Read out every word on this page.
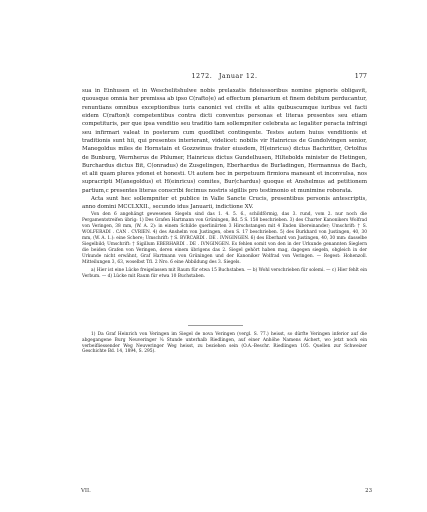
1272. Januar 12.	177

sua in Einhusen et in Weschelitshulwe nobis prelaxatis fideiussoribus nomine pignoris obligavit, quousque omnia her premissa ab ipso C(rafto)e) ad effectum plenarium et finem debitum perducantur, renuntians omnibus exceptionibus iuris canonici vel civilis et aliis quibuscumque iuribus vel facti eidem C(rafton)i competentibus contra dicti conventus personas et literas presentes seu etiam competituris, per que ipsa venditio seu traditio tam sollempniter celebrata ac legaliter peracta infringi seu infirmari valeat in posterum cum quodlibet contingente. Testes autem huius venditionis et traditionis sunt hii, qui presentes interierant, videlicet: nobilis vir Hainricus de Gundolvingen senior, Manegoldus miles de Hornstain et Gozzwinus frater eiusdem, H(einricus) dictus Bachritter, Ortolfus de Bunburg, Wernherus de Phlumer, Hainricus dictus Gundelhusen, Hiltebolds minister de Hetingen, Burchardus dictus Bit, C(onradus) de Zusgelingen, Eberhardus de Burladingen, Hermannus de Bach, et alii quam plures ydonei et honesti. Ut autem hec in perpetuum firmiora maneant et inconvulsa, nos supracripti M(anegoldus) et H(einricus) comites, Bur(chardus) quoque et Anshelmus ad petitionem partium,c presentes literas conscribi fecimus nostris sigillis pro testimonio et munimine roborata.

Acta sunt hec sollempniter et publice in Valle Sancte Crucis, presentibus personis antescriptis, anno domini MCCLXXII., secundo idus Januarii, indictione XV.

Von den 6 angehängt gewesenen Siegeln sind das 1. 4. 5. 6., schildförmig, das 3. rund, vom 2. nur noch die Pergamentstreifen übrig: 1) Des Grafen Hartmann von Grüningen, Bd. 5 S. 158 beschrieben. 3) des Charter Kanonikers Wolfrad von Veringen, 38 mm, (W. A. 2): in einem Schilde querliniirten 3 Hirschstangen mit 4 Enden übereinander; Umschrift: † S. WOLFERADI . CAN . CVRIEN. 4) des Anshelm von Justingen, oben S. 17 beschrieben. 5) des Burkhard von Justingen, 40, 30 mm, (W. A. 1.): eine Schere; Umschrift: † S. BVRCARDI . DE . IVNGINGEN. 6) des Eberhard von Justingen, 40, 30 mm: dasselbe Siegelbild; Umschrift: † Sigillum EBERHARDI . DE . IVNGINGEN. Es fehlen somit von den in der Urkunde genannten Sieglern die beiden Grafen von Veringen, deren einem übrigens das 2. Siegel gehört haben mag, dagegen siegeln, obgleich in der Urkunde nicht erwähnt, Graf Hartmann von Grüningen und der Kanoniker Wolfrad von Veringen. — Regest: Hohenzoll. Mitteilungen 3, 63, woselbst Tfl. 2 Nro. 6 eine Abbildung des 3. Siegels.

a) Hier ist eine Lücke freigelassen mit Raum für etwa 15 Buchstaben. — b) Wohl verschrieben für solemi. — c) Hier fehlt ein Verbum. — d) Lücke mit Raum für etwa 10 Buchstaben.

1) Da Graf Heinrich von Veringen im Siegel de nova Veringen (vergl. S. 77.) heisst, so dürfte Veringen inferior auf die abgegangene Burg Neuveringer ¼ Stunde unterhalb Riedlingen, auf einer Anhöhe Namens Aichert, wo jetzt noch ein verbeifliessender Weg Neuveringer Weg heisst, zu beziehen sein (O.A.-Beschr. Riedlingen 105. Quellen zur Schweizer Geschichte Bd. 14, 1894, S. 295).

VII.	23
